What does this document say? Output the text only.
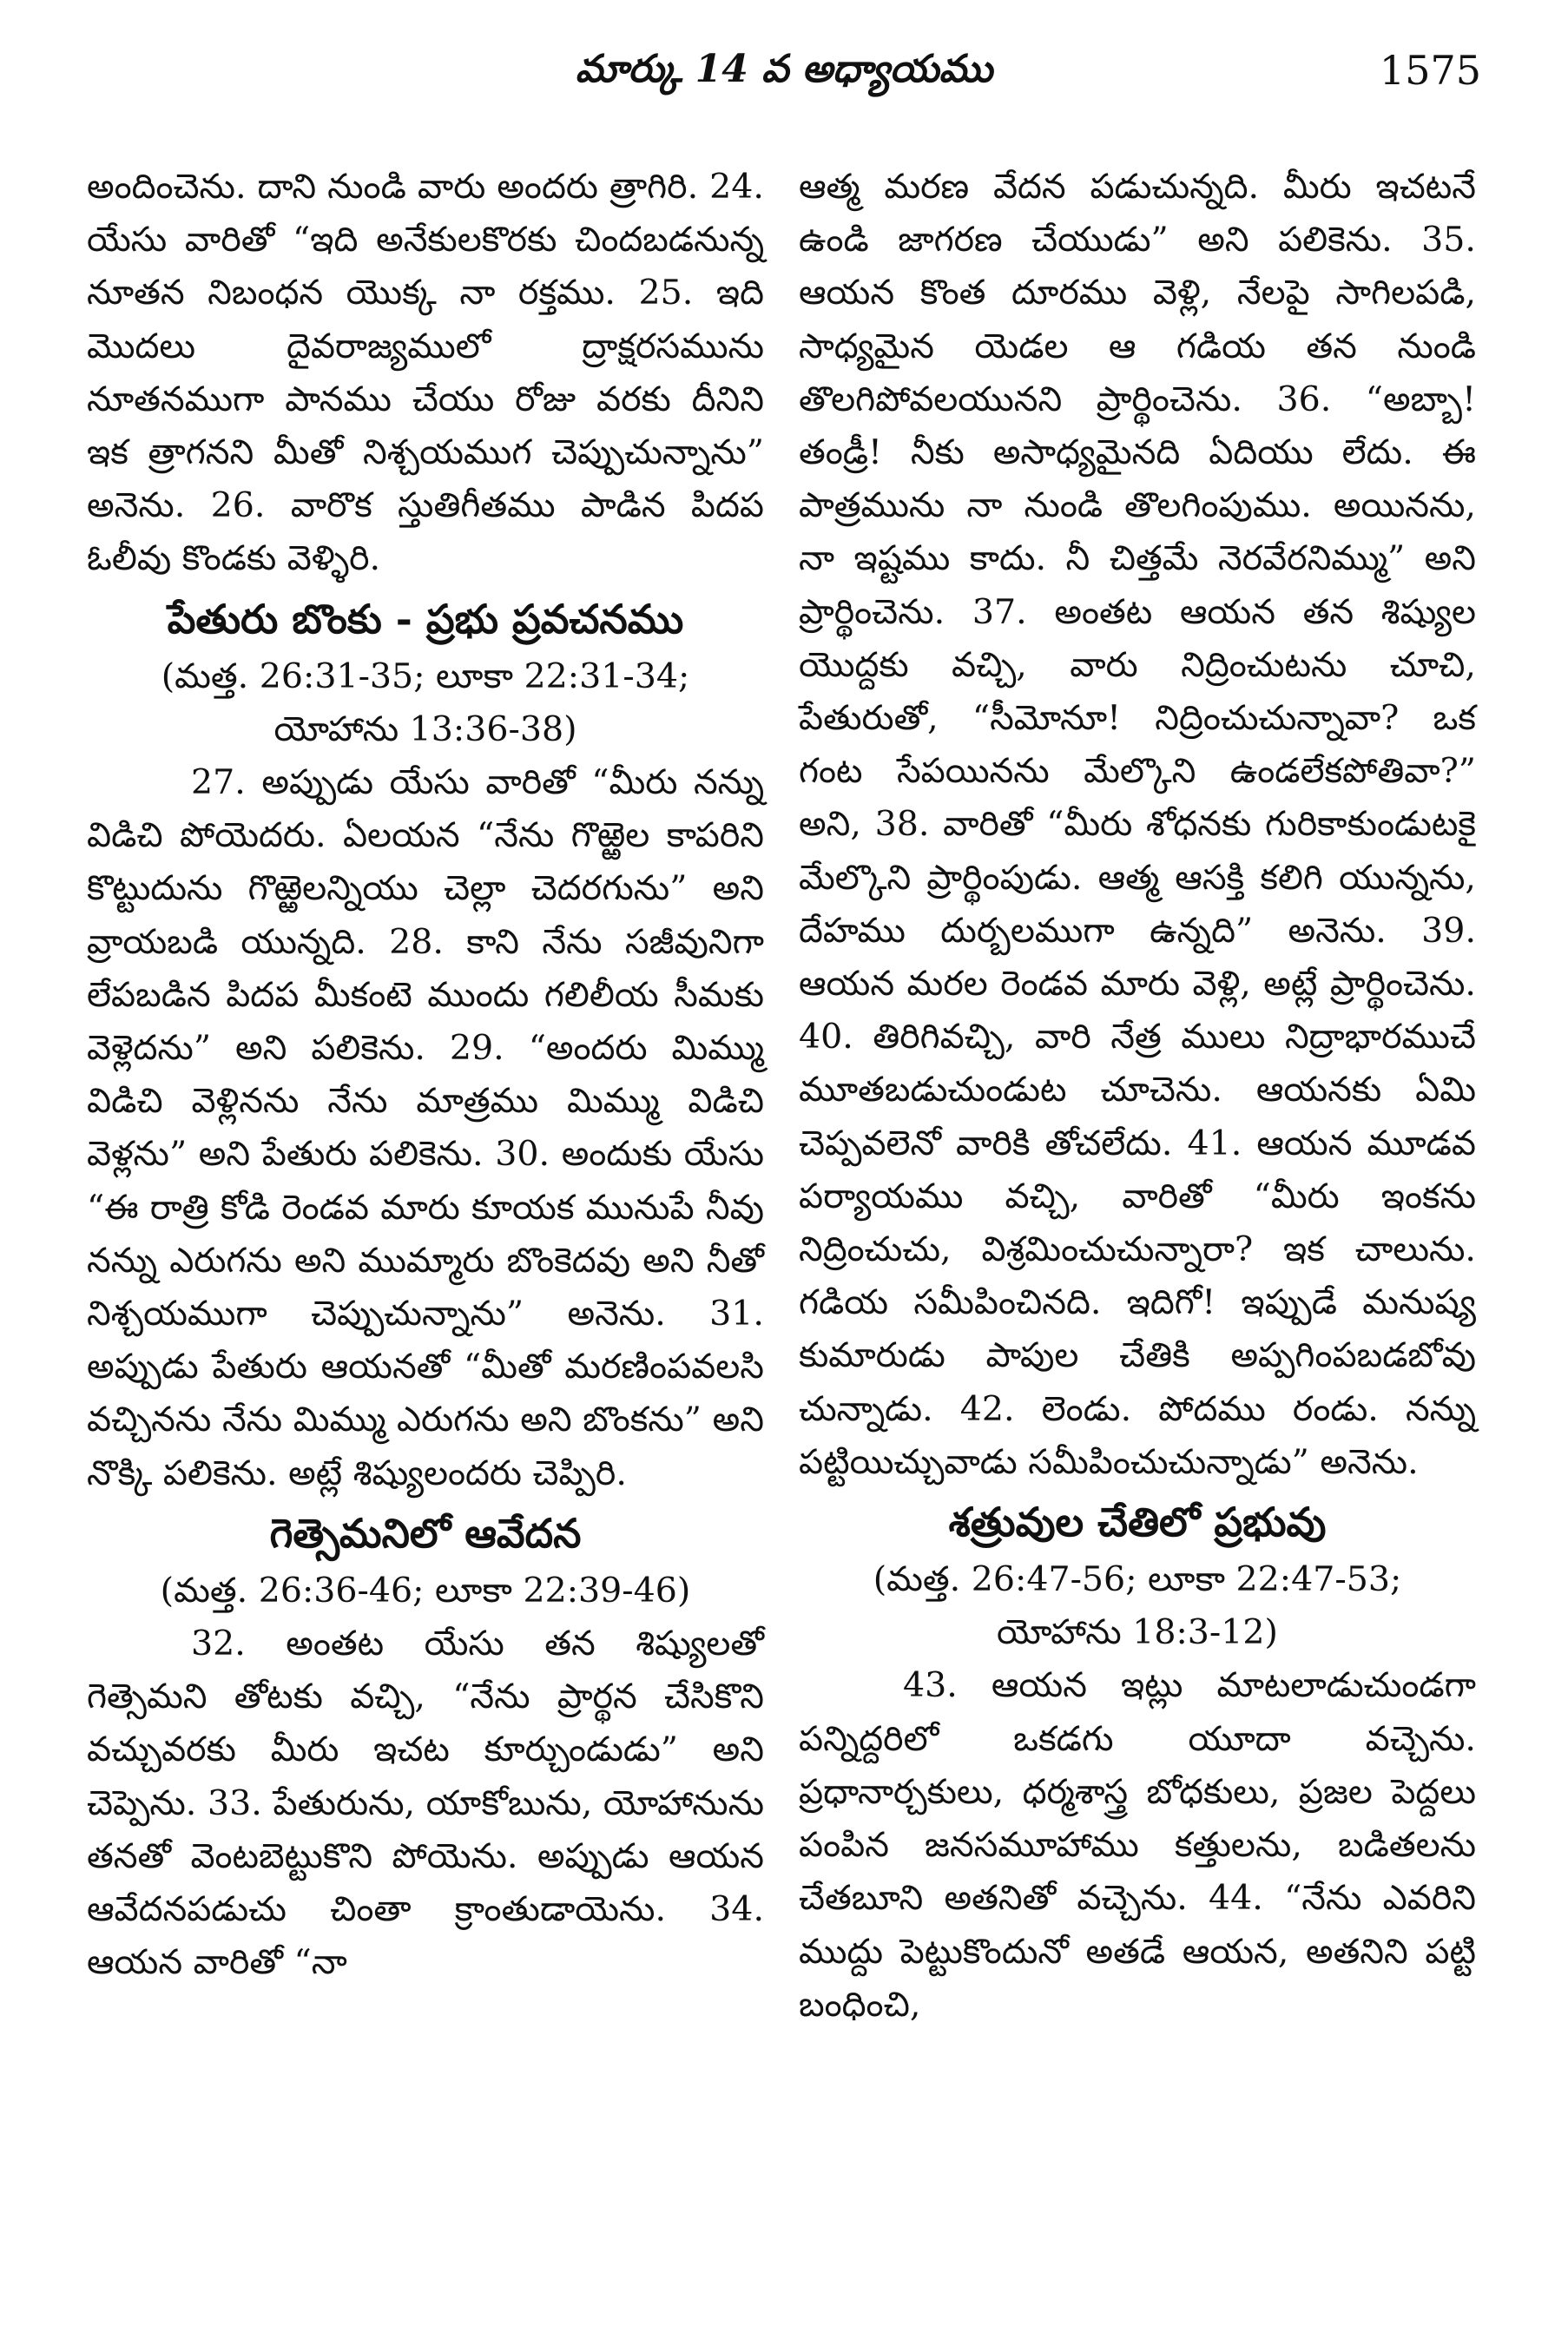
మార్కు 14 వ అధ్యాయము	1575

అందించెను. దాని నుండి వారు అందరు త్రాగిరి. 24. యేసు వారితో “ఇది అనేకులకొరకు చిందబడనున్న నూతన నిబంధన యొక్క నా రక్తము. 25. ఇది మొదలు దైవరాజ్యములో ద్రాక్షరసమును నూతనముగా పానము చేయు రోజు వరకు దీనిని ఇక త్రాగనని మీతో నిశ్చయముగ చెప్పుచున్నాను” అనెను. 26. వారొక స్తుతిగీతము పాడిన పిదప ఓలీవు కొండకు వెళ్ళిరి.

పేతురు బొంకు - ప్రభు ప్రవచనము

(మత్త. 26:31-35; లూకా 22:31-34;

యోహాను 13:36-38)

27. అప్పుడు యేసు వారితో “మీరు నన్ను విడిచి పోయెదరు. ఏలయన “నేను గొఱ్ఱెల కాపరిని కొట్టుదును గొఱ్ఱెలన్నియు చెల్లా చెదరగును” అని వ్రాయబడి యున్నది. 28. కాని నేను సజీవునిగా లేపబడిన పిదప మీకంటె ముందు గలిలీయ సీమకు వెళ్లెదను” అని పలికెను. 29. “అందరు మిమ్ము విడిచి వెళ్లినను నేను మాత్రము మిమ్ము విడిచి వెళ్లను” అని పేతురు పలికెను. 30. అందుకు యేసు “ఈ రాత్రి కోడి రెండవ మారు కూయక మునుపే నీవు నన్ను ఎరుగను అని ముమ్మారు బొంకెదవు అని నీతో నిశ్చయముగా చెప్పుచున్నాను” అనెను. 31. అప్పుడు పేతురు ఆయనతో “మీతో మరణింపవలసి వచ్చినను నేను మిమ్ము ఎరుగను అని బొంకను” అని నొక్కి పలికెను. అట్లే శిష్యులందరు చెప్పిరి.

గెత్సెమనిలో ఆవేదన

(మత్త. 26:36-46; లూకా 22:39-46)

32. అంతట యేసు తన శిష్యులతో గెత్సెమని తోటకు వచ్చి, “నేను ప్రార్థన చేసికొని వచ్చువరకు మీరు ఇచట కూర్చుండుడు” అని చెప్పెను. 33. పేతురును, యాకోబును, యోహానును తనతో వెంటబెట్టుకొని పోయెను. అప్పుడు ఆయన ఆవేదనపడుచు చింతా క్రాంతుడాయెను. 34. ఆయన వారితో “నా

ఆత్మ మరణ వేదన పడుచున్నది. మీరు ఇచటనే ఉండి జాగరణ చేయుడు” అని పలికెను. 35. ఆయన కొంత దూరము వెళ్లి, నేలపై సాగిలపడి, సాధ్యమైన యెడల ఆ గడియ తన నుండి తొలగిపోవలయునని ప్రార్థించెను. 36. “అబ్బా! తండ్రీ! నీకు అసాధ్యమైనది ఏదియు లేదు. ఈ పాత్రమును నా నుండి తొలగింపుము. అయినను, నా ఇష్టము కాదు. నీ చిత్తమే నెరవేరనిమ్ము” అని ప్రార్థించెను. 37. అంతట ఆయన తన శిష్యుల యొద్దకు వచ్చి, వారు నిద్రించుటను చూచి, పేతురుతో, “సీమోనూ! నిద్రించుచున్నావా? ఒక గంట సేపయినను మేల్కొని ఉండలేకపోతివా?” అని, 38. వారితో “మీరు శోధనకు గురికాకుండుటకై మేల్కొని ప్రార్థింపుడు. ఆత్మ ఆసక్తి కలిగి యున్నను, దేహము దుర్బలముగా ఉన్నది” అనెను. 39. ఆయన మరల రెండవ మారు వెళ్లి, అట్లే ప్రార్థించెను. 40. తిరిగివచ్చి, వారి నేత్ర ములు నిద్రాభారముచే మూతబడుచుండుట చూచెను. ఆయనకు ఏమి చెప్పవలెనో వారికి తోచలేదు. 41. ఆయన మూడవ పర్యాయము వచ్చి, వారితో “మీరు ఇంకను నిద్రించుచు, విశ్రమించుచున్నారా? ఇక చాలును. గడియ సమీపించినది. ఇదిగో! ఇప్పుడే మనుష్య కుమారుడు పాపుల చేతికి అప్పగింపబడబోవు చున్నాడు. 42. లెండు. పోదము రండు. నన్ను పట్టియిచ్చువాడు సమీపించుచున్నాడు” అనెను.

శత్రువుల చేతిలో ప్రభువు

(మత్త. 26:47-56; లూకా 22:47-53;

యోహాను 18:3-12)

43. ఆయన ఇట్లు మాటలాడుచుండగా పన్నిద్దరిలో ఒకడగు యూదా వచ్చెను. ప్రధానార్చకులు, ధర్మశాస్త్ర బోధకులు, ప్రజల పెద్దలు పంపిన జనసమూహాము కత్తులను, బడితలను చేతబూని అతనితో వచ్చెను. 44. “నేను ఎవరిని ముద్దు పెట్టుకొందునో అతడే ఆయన, అతనిని పట్టి బంధించి,
